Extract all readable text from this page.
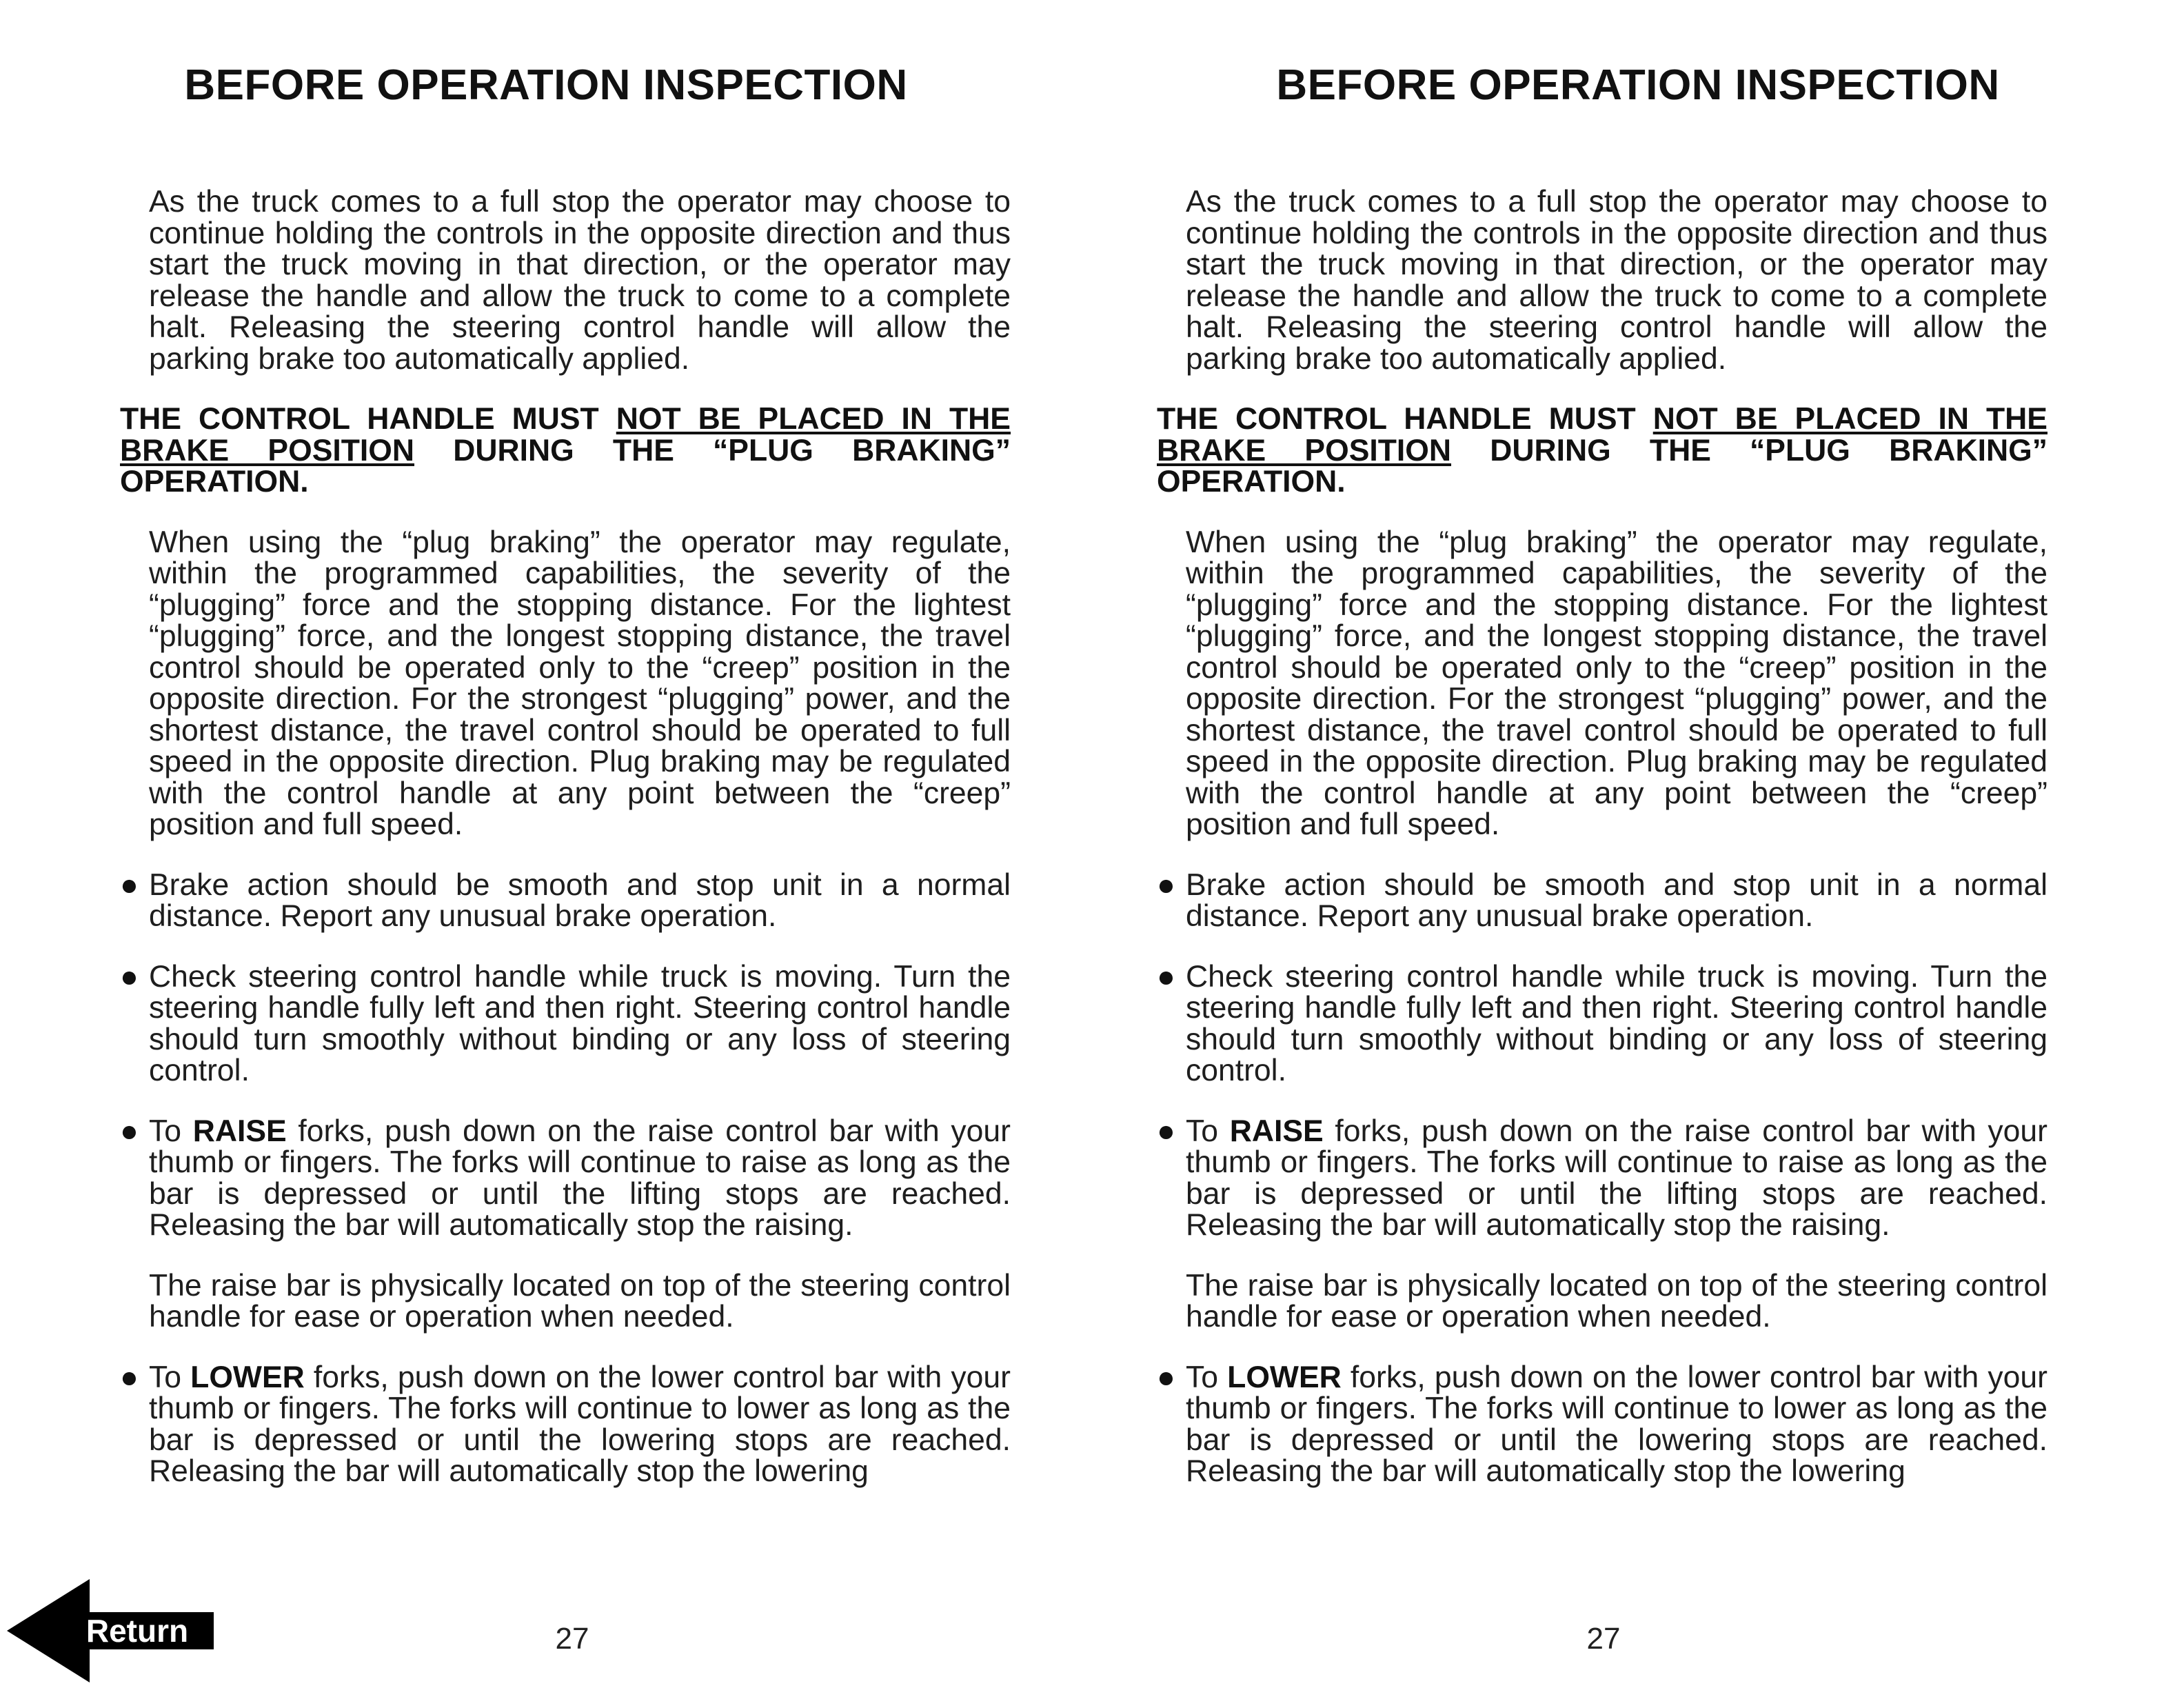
BEFORE OPERATION INSPECTION

As the truck comes to a full stop the operator may choose to continue holding the controls in the opposite direction and thus start the truck moving in that direction, or the operator may release the handle and allow the truck to come to a complete halt. Releasing the steering control handle will allow the parking brake too automatically applied.

THE CONTROL HANDLE MUST NOT BE PLACED IN THE BRAKE POSITION DURING THE “PLUG BRAKING” OPERATION.

When using the “plug braking” the operator may regulate, within the programmed capabilities, the severity of the “plugging” force and the stopping distance. For the lightest “plugging” force, and the longest stopping distance, the travel control should be operated only to the “creep” position in the opposite direction. For the strongest “plugging” power, and the shortest distance, the travel control should be operated to full speed in the opposite direction. Plug braking may be regulated with the control handle at any point between the “creep” position and full speed.

● Brake action should be smooth and stop unit in a normal distance. Report any unusual brake operation.

● Check steering control handle while truck is moving. Turn the steering handle fully left and then right. Steering control handle should turn smoothly without binding or any loss of steering control.

● To RAISE forks, push down on the raise control bar with your thumb or fingers. The forks will continue to raise as long as the bar is depressed or until the lifting stops are reached. Releasing the bar will automatically stop the raising.

The raise bar is physically located on top of the steering control handle for ease or operation when needed.

● To LOWER forks, push down on the lower control bar with your thumb or fingers. The forks will continue to lower as long as the bar is depressed or until the lowering stops are reached. Releasing the bar will automatically stop the lowering

27
BEFORE OPERATION INSPECTION

As the truck comes to a full stop the operator may choose to continue holding the controls in the opposite direction and thus start the truck moving in that direction, or the operator may release the handle and allow the truck to come to a complete halt. Releasing the steering control handle will allow the parking brake too automatically applied.

THE CONTROL HANDLE MUST NOT BE PLACED IN THE BRAKE POSITION DURING THE “PLUG BRAKING” OPERATION.

When using the “plug braking” the operator may regulate, within the programmed capabilities, the severity of the “plugging” force and the stopping distance. For the lightest “plugging” force, and the longest stopping distance, the travel control should be operated only to the “creep” position in the opposite direction. For the strongest “plugging” power, and the shortest distance, the travel control should be operated to full speed in the opposite direction. Plug braking may be regulated with the control handle at any point between the “creep” position and full speed.

● Brake action should be smooth and stop unit in a normal distance. Report any unusual brake operation.

● Check steering control handle while truck is moving. Turn the steering handle fully left and then right. Steering control handle should turn smoothly without binding or any loss of steering control.

● To RAISE forks, push down on the raise control bar with your thumb or fingers. The forks will continue to raise as long as the bar is depressed or until the lifting stops are reached. Releasing the bar will automatically stop the raising.

The raise bar is physically located on top of the steering control handle for ease or operation when needed.

● To LOWER forks, push down on the lower control bar with your thumb or fingers. The forks will continue to lower as long as the bar is depressed or until the lowering stops are reached. Releasing the bar will automatically stop the lowering

27
Return
